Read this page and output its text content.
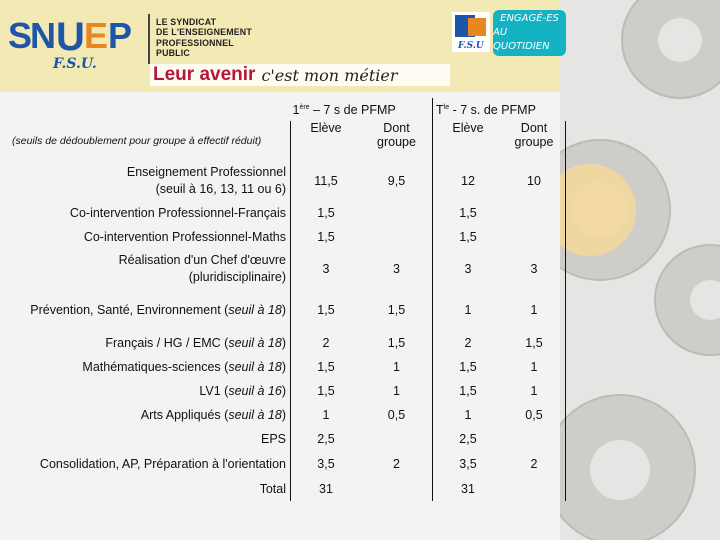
S
N U E P
F.S.U.
LE SYNDICAT
DE L'ENSEIGNEMENT
PROFESSIONNEL
PUBLIC
Leur avenir c'est mon métier
F.S.U
ENGAGÉ-ES
AU QUOTIDIEN
	1ère – 7 s de PFMP		$T^{le} - 7$ s. de PFMP	
(seuils de dédoublement pour groupe à effectif réduit)	Elève	Dont groupe	Elève	Dont groupe
Enseignement Professionnel
(seuil à 16, 13, 11 ou 6)	11,5	9,5	12	10
Co-intervention Professionnel-Français	1,5		1,5	
Co-intervention Professionnel-Maths	1,5		1,5	
Réalisation d'un Chef d'œuvre
(pluridisciplinaire)	3	3	3	3
Prévention, Santé, Environnement (seuil à 18)	1,5	1,5	1	1
Français / HG / EMC (seuil à 18)	2	1,5	2	1,5
Mathématiques-sciences (seuil à 18)	1,5	1	1,5	1
LV1 (seuil à 16)	1,5	1	1,5	1
Arts Appliqués (seuil à 18)	1	0,5	1	0,5
EPS	2,5		2,5	
Consolidation, AP, Préparation à l'orientation	3,5	2	3,5	2
Total	31		31	
